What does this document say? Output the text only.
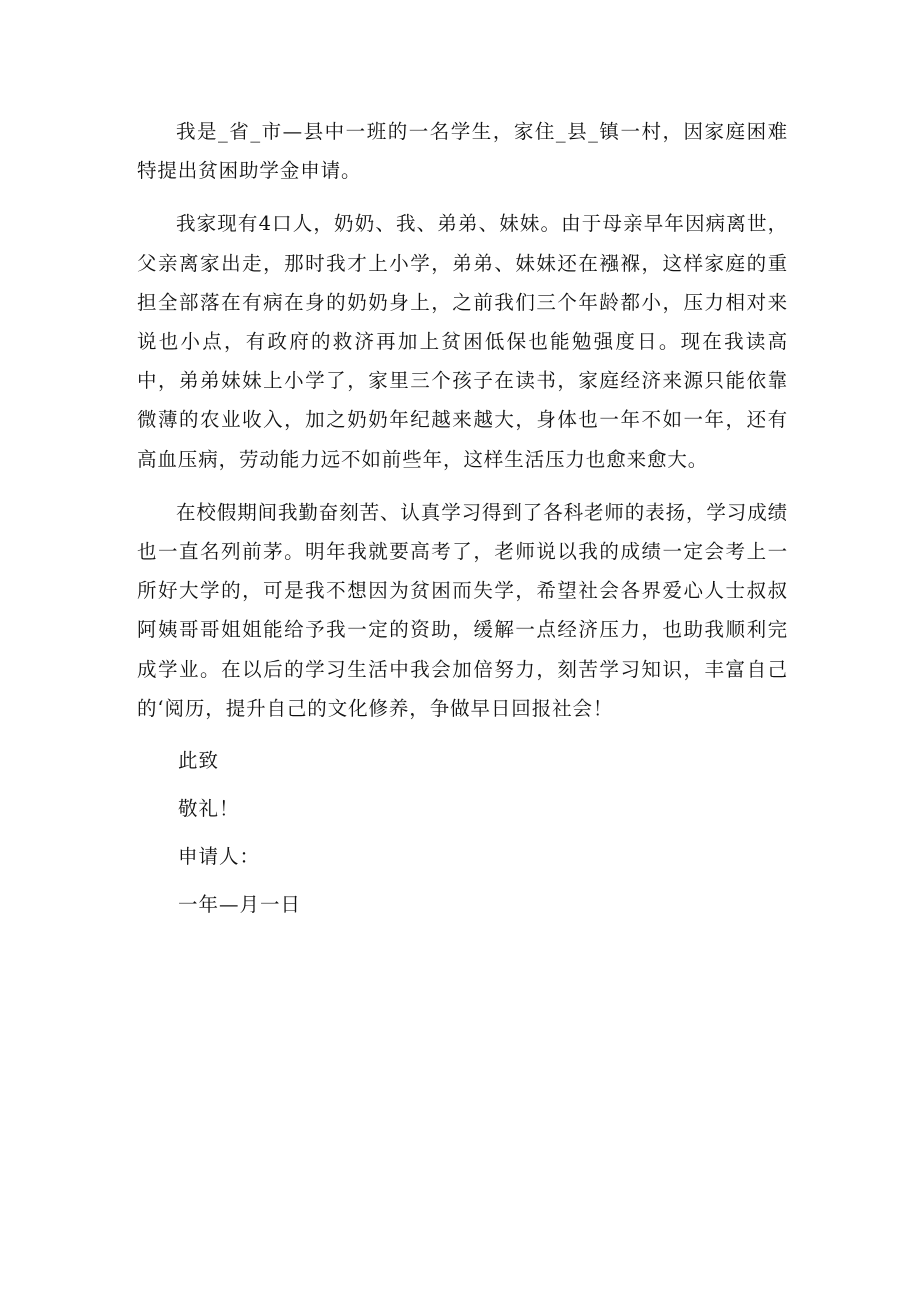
我是_省_市—县中一班的一名学生，家住_县_镇一村，因家庭困难特提出贫困助学金申请。

我家现有4口人，奶奶、我、弟弟、妹妹。由于母亲早年因病离世，父亲离家出走，那时我才上小学，弟弟、妹妹还在襁褓，这样家庭的重担全部落在有病在身的奶奶身上，之前我们三个年龄都小，压力相对来说也小点，有政府的救济再加上贫困低保也能勉强度日。现在我读高中，弟弟妹妹上小学了，家里三个孩子在读书，家庭经济来源只能依靠微薄的农业收入，加之奶奶年纪越来越大，身体也一年不如一年，还有高血压病，劳动能力远不如前些年，这样生活压力也愈来愈大。

在校假期间我勤奋刻苦、认真学习得到了各科老师的表扬，学习成绩也一直名列前茅。明年我就要高考了，老师说以我的成绩一定会考上一所好大学的，可是我不想因为贫困而失学，希望社会各界爱心人士叔叔阿姨哥哥姐姐能给予我一定的资助，缓解一点经济压力，也助我顺利完成学业。在以后的学习生活中我会加倍努力，刻苦学习知识，丰富自己的‘阅历，提升自己的文化修养，争做早日回报社会！

此致
敬礼！
申请人：
一年—月一日
